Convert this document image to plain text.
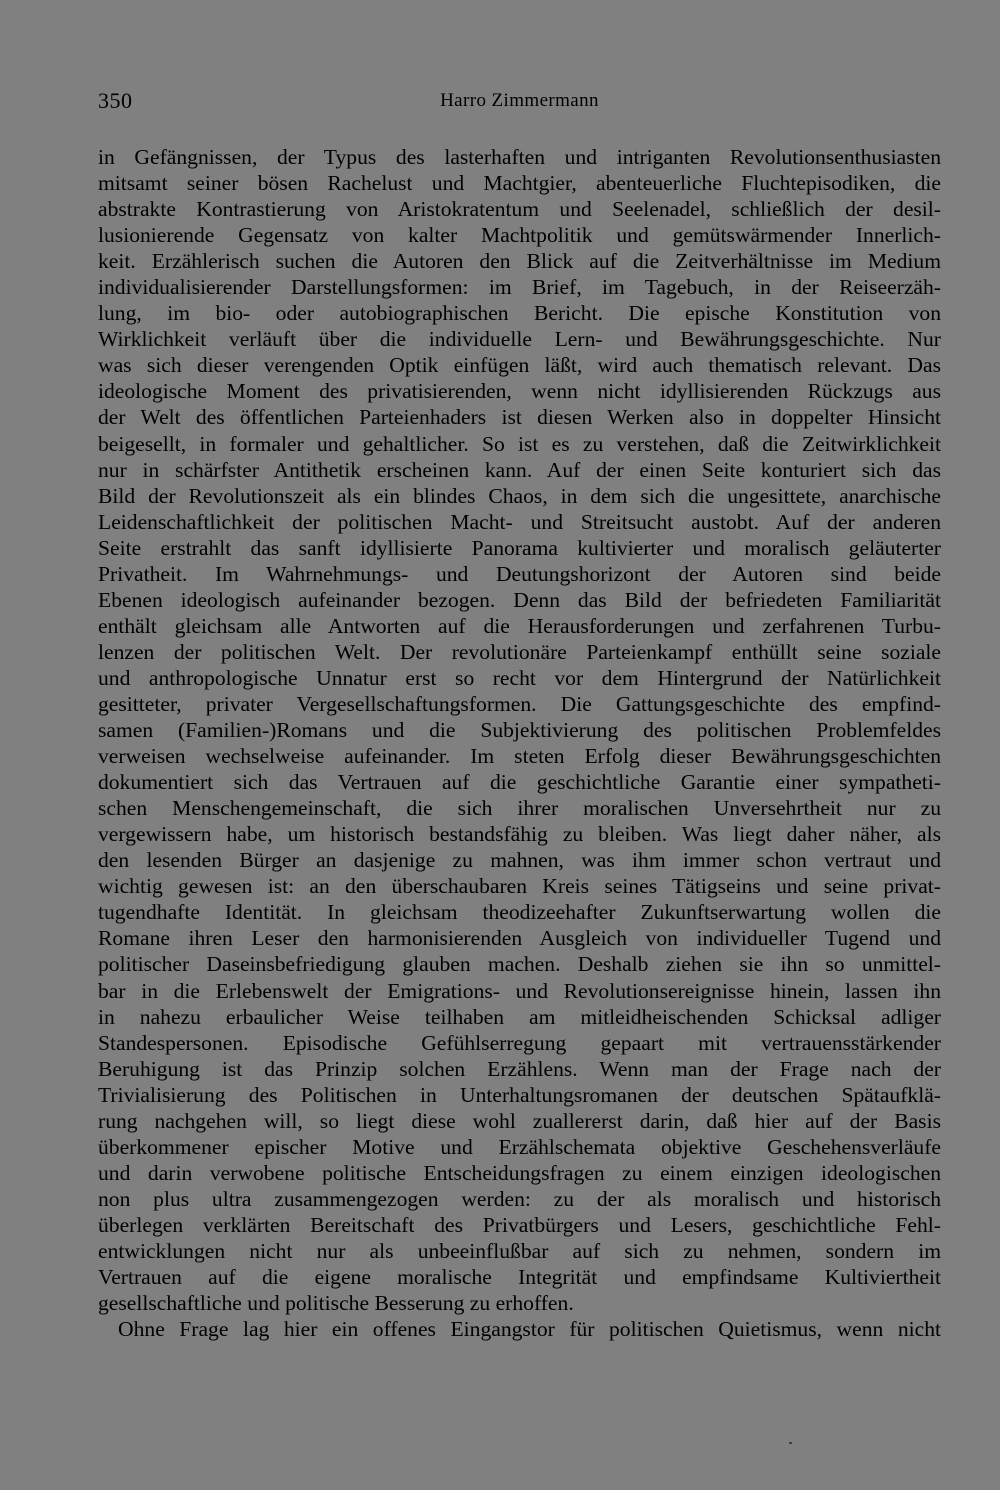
350	Harro Zimmermann

in Gefängnissen, der Typus des lasterhaften und intriganten Revolutionsenthusiasten
mitsamt seiner bösen Rachelust und Machtgier, abenteuerliche Fluchtepisodiken, die
abstrakte Kontrastierung von Aristokratentum und Seelenadel, schließlich der desil-
lusionierende Gegensatz von kalter Machtpolitik und gemütswärmender Innerlich-
keit. Erzählerisch suchen die Autoren den Blick auf die Zeitverhältnisse im Medium
individualisierender Darstellungsformen: im Brief, im Tagebuch, in der Reiseerzäh-
lung, im bio- oder autobiographischen Bericht. Die epische Konstitution von
Wirklichkeit verläuft über die individuelle Lern- und Bewährungsgeschichte. Nur
was sich dieser verengenden Optik einfügen läßt, wird auch thematisch relevant. Das
ideologische Moment des privatisierenden, wenn nicht idyllisierenden Rückzugs aus
der Welt des öffentlichen Parteienhaders ist diesen Werken also in doppelter Hinsicht
beigesellt, in formaler und gehaltlicher. So ist es zu verstehen, daß die Zeitwirklichkeit
nur in schärfster Antithetik erscheinen kann. Auf der einen Seite konturiert sich das
Bild der Revolutionszeit als ein blindes Chaos, in dem sich die ungesittete, anarchische
Leidenschaftlichkeit der politischen Macht- und Streitsucht austobt. Auf der anderen
Seite erstrahlt das sanft idyllisierte Panorama kultivierter und moralisch geläuterter
Privatheit. Im Wahrnehmungs- und Deutungshorizont der Autoren sind beide
Ebenen ideologisch aufeinander bezogen. Denn das Bild der befriedeten Familiarität
enthält gleichsam alle Antworten auf die Herausforderungen und zerfahrenen Turbu-
lenzen der politischen Welt. Der revolutionäre Parteienkampf enthüllt seine soziale
und anthropologische Unnatur erst so recht vor dem Hintergrund der Natürlichkeit
gesitteter, privater Vergesellschaftungsformen. Die Gattungsgeschichte des empfind-
samen (Familien-)Romans und die Subjektivierung des politischen Problemfeldes
verweisen wechselweise aufeinander. Im steten Erfolg dieser Bewährungsgeschichten
dokumentiert sich das Vertrauen auf die geschichtliche Garantie einer sympatheti-
schen Menschengemeinschaft, die sich ihrer moralischen Unversehrtheit nur zu
vergewissern habe, um historisch bestandsfähig zu bleiben. Was liegt daher näher, als
den lesenden Bürger an dasjenige zu mahnen, was ihm immer schon vertraut und
wichtig gewesen ist: an den überschaubaren Kreis seines Tätigseins und seine privat-
tugendhafte Identität. In gleichsam theodizeehafter Zukunftserwartung wollen die
Romane ihren Leser den harmonisierenden Ausgleich von individueller Tugend und
politischer Daseinsbefriedigung glauben machen. Deshalb ziehen sie ihn so unmittel-
bar in die Erlebenswelt der Emigrations- und Revolutionsereignisse hinein, lassen ihn
in nahezu erbaulicher Weise teilhaben am mitleidheischenden Schicksal adliger
Standespersonen. Episodische Gefühlserregung gepaart mit vertrauensstärkender
Beruhigung ist das Prinzip solchen Erzählens. Wenn man der Frage nach der
Trivialisierung des Politischen in Unterhaltungsromanen der deutschen Spätaufklä-
rung nachgehen will, so liegt diese wohl zuallererst darin, daß hier auf der Basis
überkommener epischer Motive und Erzählschemata objektive Geschehensverläufe
und darin verwobene politische Entscheidungsfragen zu einem einzigen ideologischen
non plus ultra zusammengezogen werden: zu der als moralisch und historisch
überlegen verklärten Bereitschaft des Privatbürgers und Lesers, geschichtliche Fehl-
entwicklungen nicht nur als unbeeinflußbar auf sich zu nehmen, sondern im
Vertrauen auf die eigene moralische Integrität und empfindsame Kultiviertheit
gesellschaftliche und politische Besserung zu erhoffen.

Ohne Frage lag hier ein offenes Eingangstor für politischen Quietismus, wenn nicht
